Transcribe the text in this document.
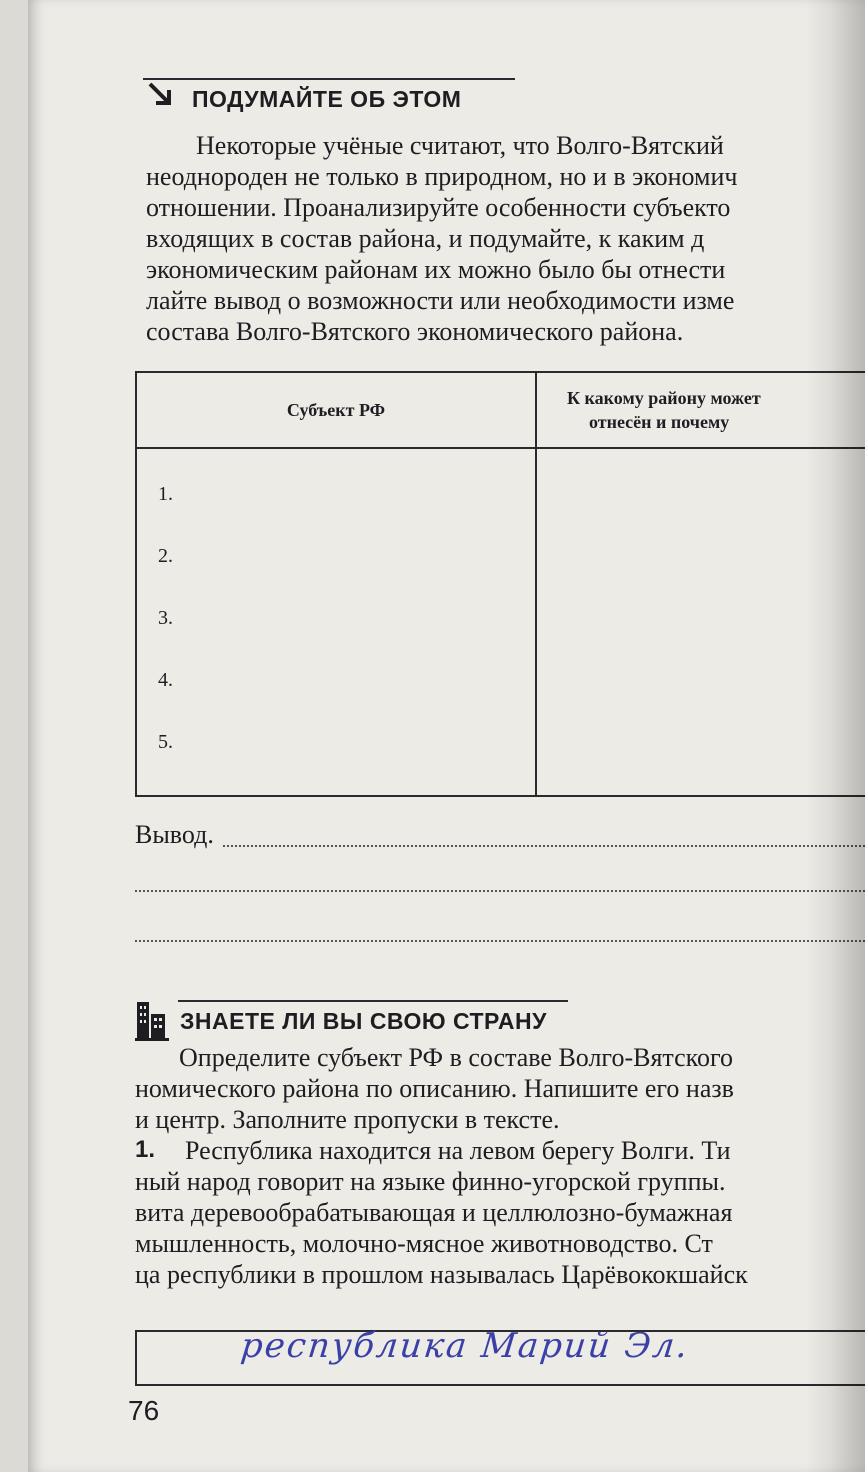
ПОДУМАЙТЕ ОБ ЭТОМ
Некоторые учёные считают, что Волго-Вятский
неоднороден не только в природном, но и в экономич
отношении. Проанализируйте особенности субъекто
входящих в состав района, и подумайте, к каким д
экономическим районам их можно было бы отнести
лайте вывод о возможности или необходимости изме
состава Волго-Вятского экономического района.
Субъект РФ	К какому району может
отнесён и почему

1.
2.
3.
4.
5.
Вывод.
ЗНАЕТЕ ЛИ ВЫ СВОЮ СТРАНУ
Определите субъект РФ в составе Волго-Вятского
номического района по описанию. Напишите его назв
и центр. Заполните пропуски в тексте.
1.	Республика находится на левом берегу Волги. Ти
ный народ говорит на языке финно-угорской группы.
вита деревообрабатывающая и целлюлозно-бумажная
мышленность, молочно-мясное животноводство. Ст
ца республики в прошлом называлась Царёвококшайск
республика Марий Эл.
76
